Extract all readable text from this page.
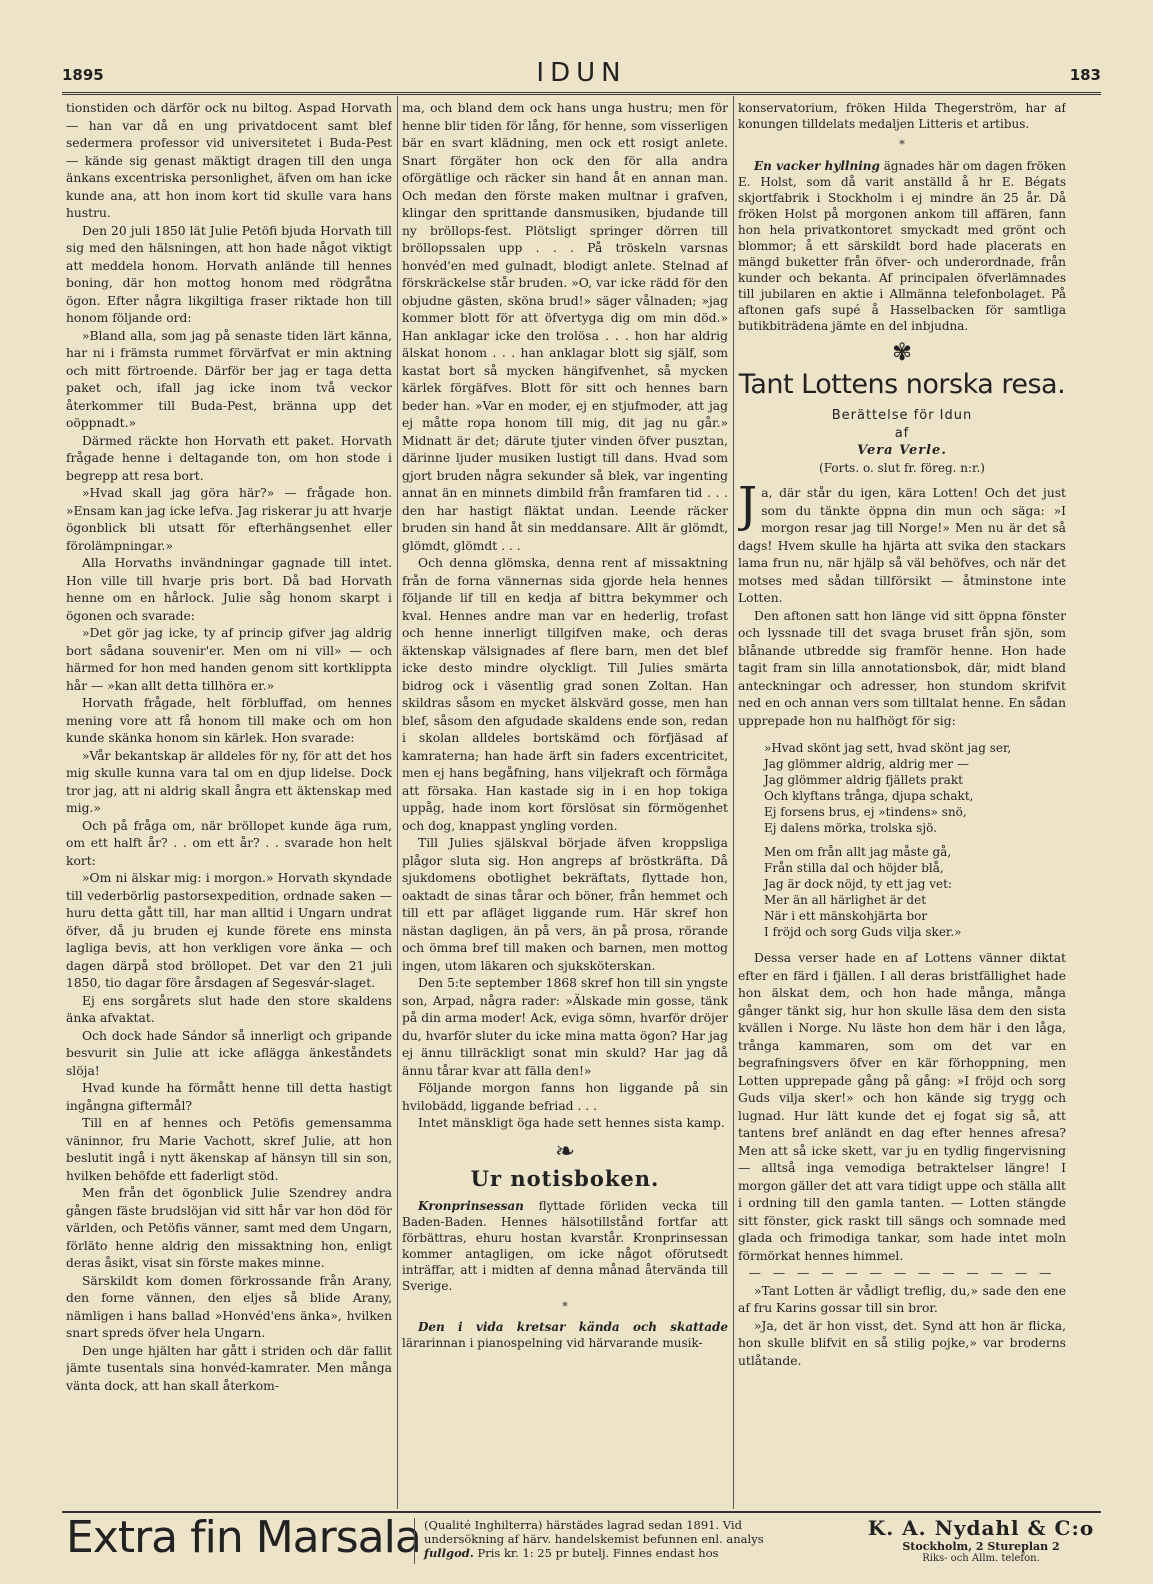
1895	IDUN	183

tionstiden och därför ock nu biltog. Aspad Horvath — han var då en ung privatdocent samt blef sedermera professor vid universitetet i Buda-Pest — kände sig genast mäktigt dragen till den unga änkans excentriska personlighet, äfven om han icke kunde ana, att hon inom kort tid skulle vara hans hustru.

Den 20 juli 1850 lät Julie Petöfi bjuda Horvath till sig med den hälsningen, att hon hade något viktigt att meddela honom. Horvath anlände till hennes boning, där hon mottog honom med rödgråtna ögon. Efter några likgiltiga fraser riktade hon till honom följande ord:

»Bland alla, som jag på senaste tiden lärt känna, har ni i främsta rummet förvärfvat er min aktning och mitt förtroende. Därför ber jag er taga detta paket och, ifall jag icke inom två veckor återkommer till Buda-Pest, bränna upp det oöppnadt.»

Därmed räckte hon Horvath ett paket. Horvath frågade henne i deltagande ton, om hon stode i begrepp att resa bort.

»Hvad skall jag göra här?» — frågade hon. »Ensam kan jag icke lefva. Jag riskerar ju att hvarje ögonblick bli utsatt för efterhängsenhet eller förolämpningar.»

Alla Horvaths invändningar gagnade till intet. Hon ville till hvarje pris bort. Då bad Horvath henne om en hårlock. Julie såg honom skarpt i ögonen och svarade:

»Det gör jag icke, ty af princip gifver jag aldrig bort sådana souvenir'er. Men om ni vill» — och härmed for hon med handen genom sitt kortklippta hår — »kan allt detta tillhöra er.»

Horvath frågade, helt förbluffad, om hennes mening vore att få honom till make och om hon kunde skänka honom sin kärlek. Hon svarade:

»Vår bekantskap är alldeles för ny, för att det hos mig skulle kunna vara tal om en djup lidelse. Dock tror jag, att ni aldrig skall ångra ett äktenskap med mig.»

Och på fråga om, när bröllopet kunde äga rum, om ett halft år? . . om ett år? . . svarade hon helt kort:

»Om ni älskar mig: i morgon.» Horvath skyndade till vederbörlig pastorsexpedition, ordnade saken — huru detta gått till, har man alltid i Ungarn undrat öfver, då ju bruden ej kunde förete ens minsta lagliga bevis, att hon verkligen vore änka — och dagen därpå stod bröllopet. Det var den 21 juli 1850, tio dagar före årsdagen af Segesvár-slaget.

Ej ens sorgårets slut hade den store skaldens änka afvaktat.

Och dock hade Sándor så innerligt och gripande besvurit sin Julie att icke aflägga änkeståndets slöja!

Hvad kunde ha förmått henne till detta hastigt ingångna giftermål?

Till en af hennes och Petöfis gemensamma väninnor, fru Marie Vachott, skref Julie, att hon beslutit ingå i nytt äkenskap af hänsyn till sin son, hvilken behöfde ett faderligt stöd.

Men från det ögonblick Julie Szendrey andra gången fäste brudslöjan vid sitt hår var hon död för världen, och Petöfis vänner, samt med dem Ungarn, förläto henne aldrig den missaktning hon, enligt deras åsikt, visat sin förste makes minne.

Särskildt kom domen förkrossande från Arany, den forne vännen, den eljes så blide Arany, nämligen i hans ballad »Honvéd'ens änka», hvilken snart spreds öfver hela Ungarn.

Den unge hjälten har gått i striden och där fallit jämte tusentals sina honvéd-kamrater. Men många vänta dock, att han skall återkom-

ma, och bland dem ock hans unga hustru; men för henne blir tiden för lång, för henne, som visserligen bär en svart klädning, men ock ett rosigt anlete. Snart förgäter hon ock den för alla andra oförgätlige och räcker sin hand åt en annan man. Och medan den förste maken multnar i grafven, klingar den sprittande dansmusiken, bjudande till ny bröllops-fest. Plötsligt springer dörren till bröllopssalen upp . . . På tröskeln varsnas honvéd'en med gulnadt, blodigt anlete. Stelnad af förskräckelse står bruden. »O, var icke rädd för den objudne gästen, sköna brud!» säger vålnaden; »jag kommer blott för att öfvertyga dig om min död.» Han anklagar icke den trolösa . . . hon har aldrig älskat honom . . . han anklagar blott sig själf, som kastat bort så mycken hängifvenhet, så mycken kärlek förgäfves. Blott för sitt och hennes barn beder han. »Var en moder, ej en stjufmoder, att jag ej måtte ropa honom till mig, dit jag nu går.» Midnatt är det; därute tjuter vinden öfver pusztan, därinne ljuder musiken lustigt till dans. Hvad som gjort bruden några sekunder så blek, var ingenting annat än en minnets dimbild från framfaren tid . . . den har hastigt fläktat undan. Leende räcker bruden sin hand åt sin meddansare. Allt är glömdt, glömdt, glömdt . . .

Och denna glömska, denna rent af missaktning från de forna vännernas sida gjorde hela hennes följande lif till en kedja af bittra bekymmer och kval. Hennes andre man var en hederlig, trofast och henne innerligt tillgifven make, och deras äktenskap välsignades af flere barn, men det blef icke desto mindre olyckligt. Till Julies smärta bidrog ock i väsentlig grad sonen Zoltan. Han skildras såsom en mycket älskvärd gosse, men han blef, såsom den afgudade skaldens ende son, redan i skolan alldeles bortskämd och förfjäsad af kamraterna; han hade ärft sin faders excentricitet, men ej hans begåfning, hans viljekraft och förmåga att försaka. Han kastade sig in i en hop tokiga uppåg, hade inom kort förslösat sin förmögenhet och dog, knappast yngling vorden.

Till Julies själskval började äfven kroppsliga plågor sluta sig. Hon angreps af bröstkräfta. Då sjukdomens obotlighet bekräftats, flyttade hon, oaktadt de sinas tårar och böner, från hemmet och till ett par afläget liggande rum. Här skref hon nästan dagligen, än på vers, än på prosa, rörande och ömma bref till maken och barnen, men mottog ingen, utom läkaren och sjuksköterskan.

Den 5:te september 1868 skref hon till sin yngste son, Arpad, några rader: »Älskade min gosse, tänk på din arma moder! Ack, eviga sömn, hvarför dröjer du, hvarför sluter du icke mina matta ögon? Har jag ej ännu tillräckligt sonat min skuld? Har jag då ännu tårar kvar att fälla den!»

Följande morgon fanns hon liggande på sin hvilobädd, liggande befriad . . .

Intet mänskligt öga hade sett hennes sista kamp.

❧
Ur notisboken.

Kronprinsessan flyttade förliden vecka till Baden-Baden. Hennes hälsotillstånd fortfar att förbättras, ehuru hostan kvarstår. Kronprinsessan kommer antagligen, om icke något oförutsedt inträffar, att i midten af denna månad återvända till Sverige.

*

Den i vida kretsar kända och skattade lärarinnan i pianospelning vid härvarande musik-

konservatorium, fröken Hilda Thegerström, har af konungen tilldelats medaljen Litteris et artibus.

*

En vacker hyllning ägnades här om dagen fröken E. Holst, som då varit anställd å hr E. Bégats skjortfabrik i Stockholm i ej mindre än 25 år. Då fröken Holst på morgonen ankom till affären, fann hon hela privatkontoret smyckadt med grönt och blommor; å ett särskildt bord hade placerats en mängd buketter från öfver- och underordnade, från kunder och bekanta. Af principalen öfverlämnades till jubilaren en aktie i Allmänna telefonbolaget. På aftonen gafs supé å Hasselbacken för samtliga butikbiträdena jämte en del inbjudna.

✾
Tant Lottens norska resa.
Berättelse för Idun
af
Vera Verle.
(Forts. o. slut fr. föreg. n:r.)

Ja, där står du igen, kära Lotten! Och det just som du tänkte öppna din mun och säga: »I morgon resar jag till Norge!» Men nu är det så dags! Hvem skulle ha hjärta att svika den stackars lama frun nu, när hjälp så väl behöfves, och när det motses med sådan tillförsikt — åtminstone inte Lotten.

Den aftonen satt hon länge vid sitt öppna fönster och lyssnade till det svaga bruset från sjön, som blånande utbredde sig framför henne. Hon hade tagit fram sin lilla annotationsbok, där, midt bland anteckningar och adresser, hon stundom skrifvit ned en och annan vers som tilltalat henne. En sådan upprepade hon nu halfhögt för sig:

»Hvad skönt jag sett, hvad skönt jag ser,
Jag glömmer aldrig, aldrig mer —
Jag glömmer aldrig fjällets prakt
Och klyftans trånga, djupa schakt,
Ej forsens brus, ej »tindens» snö,
Ej dalens mörka, trolska sjö.
Men om från allt jag måste gå,
Från stilla dal och höjder blå,
Jag är dock nöjd, ty ett jag vet:
Mer än all härlighet är det
När i ett mänskohjärta bor
I fröjd och sorg Guds vilja sker.»

Dessa verser hade en af Lottens vänner diktat efter en färd i fjällen. I all deras bristfällighet hade hon älskat dem, och hon hade många, många gånger tänkt sig, hur hon skulle läsa dem den sista kvällen i Norge. Nu läste hon dem här i den låga, trånga kammaren, som om det var en begrafningsvers öfver en kär förhoppning, men Lotten upprepade gång på gång: »I fröjd och sorg Guds vilja sker!» och hon kände sig trygg och lugnad. Hur lätt kunde det ej fogat sig så, att tantens bref anländt en dag efter hennes afresa? Men att så icke skett, var ju en tydlig fingervisning — alltså inga vemodiga betraktelser längre! I morgon gäller det att vara tidigt uppe och ställa allt i ordning till den gamla tanten. — Lotten stängde sitt fönster, gick raskt till sängs och somnade med glada och frimodiga tankar, som hade intet moln förmörkat hennes himmel.

— — — — — — — — — — — — —

»Tant Lotten är vådligt treflig, du,» sade den ene af fru Karins gossar till sin bror.

»Ja, det är hon visst, det. Synd att hon är flicka, hon skulle blifvit en så stilig pojke,» var broderns utlåtande.

Extra fin Marsala (Qualité Inghilterra) härstädes lagrad sedan 1891. Vid undersökning af härv. handelskemist befunnen enl. analys fullgod. Pris kr. 1: 25 pr butelj. Finnes endast hos
K. A. Nydahl & C:o
Stockholm, 2 Stureplan 2
Riks- och Allm. telefon.
